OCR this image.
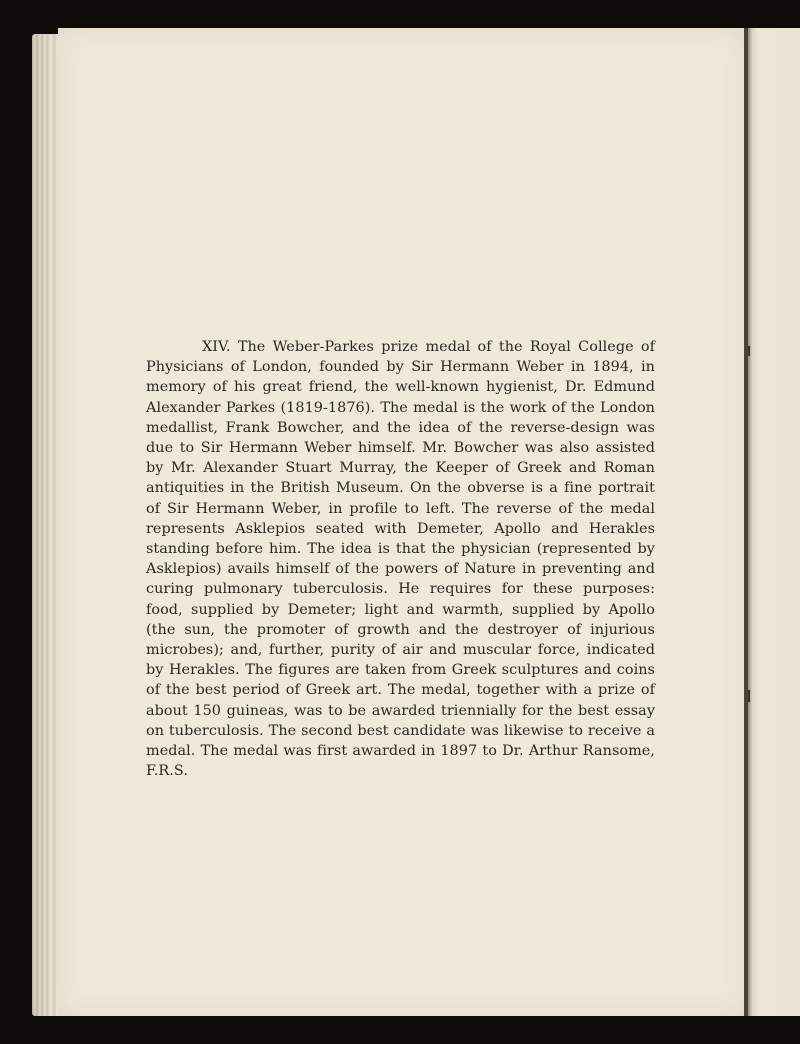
XIV. The Weber-Parkes prize medal of the Royal College of Physicians of London, founded by Sir Hermann Weber in 1894, in memory of his great friend, the well-known hygienist, Dr. Edmund Alexander Parkes (1819-1876). The medal is the work of the London medallist, Frank Bowcher, and the idea of the reverse-design was due to Sir Hermann Weber himself. Mr. Bowcher was also assisted by Mr. Alexander Stuart Murray, the Keeper of Greek and Roman antiquities in the British Museum. On the obverse is a fine portrait of Sir Hermann Weber, in profile to left. The reverse of the medal represents Asklepios seated with Demeter, Apollo and Herakles standing before him. The idea is that the physician (represented by Asklepios) avails himself of the powers of Nature in preventing and curing pulmonary tuberculosis. He requires for these purposes: food, supplied by Demeter; light and warmth, supplied by Apollo (the sun, the promoter of growth and the destroyer of injurious microbes); and, further, purity of air and muscular force, indicated by Herakles. The figures are taken from Greek sculptures and coins of the best period of Greek art. The medal, together with a prize of about 150 guineas, was to be awarded triennially for the best essay on tuberculosis. The second best candidate was likewise to receive a medal. The medal was first awarded in 1897 to Dr. Arthur Ransome, F.R.S.
